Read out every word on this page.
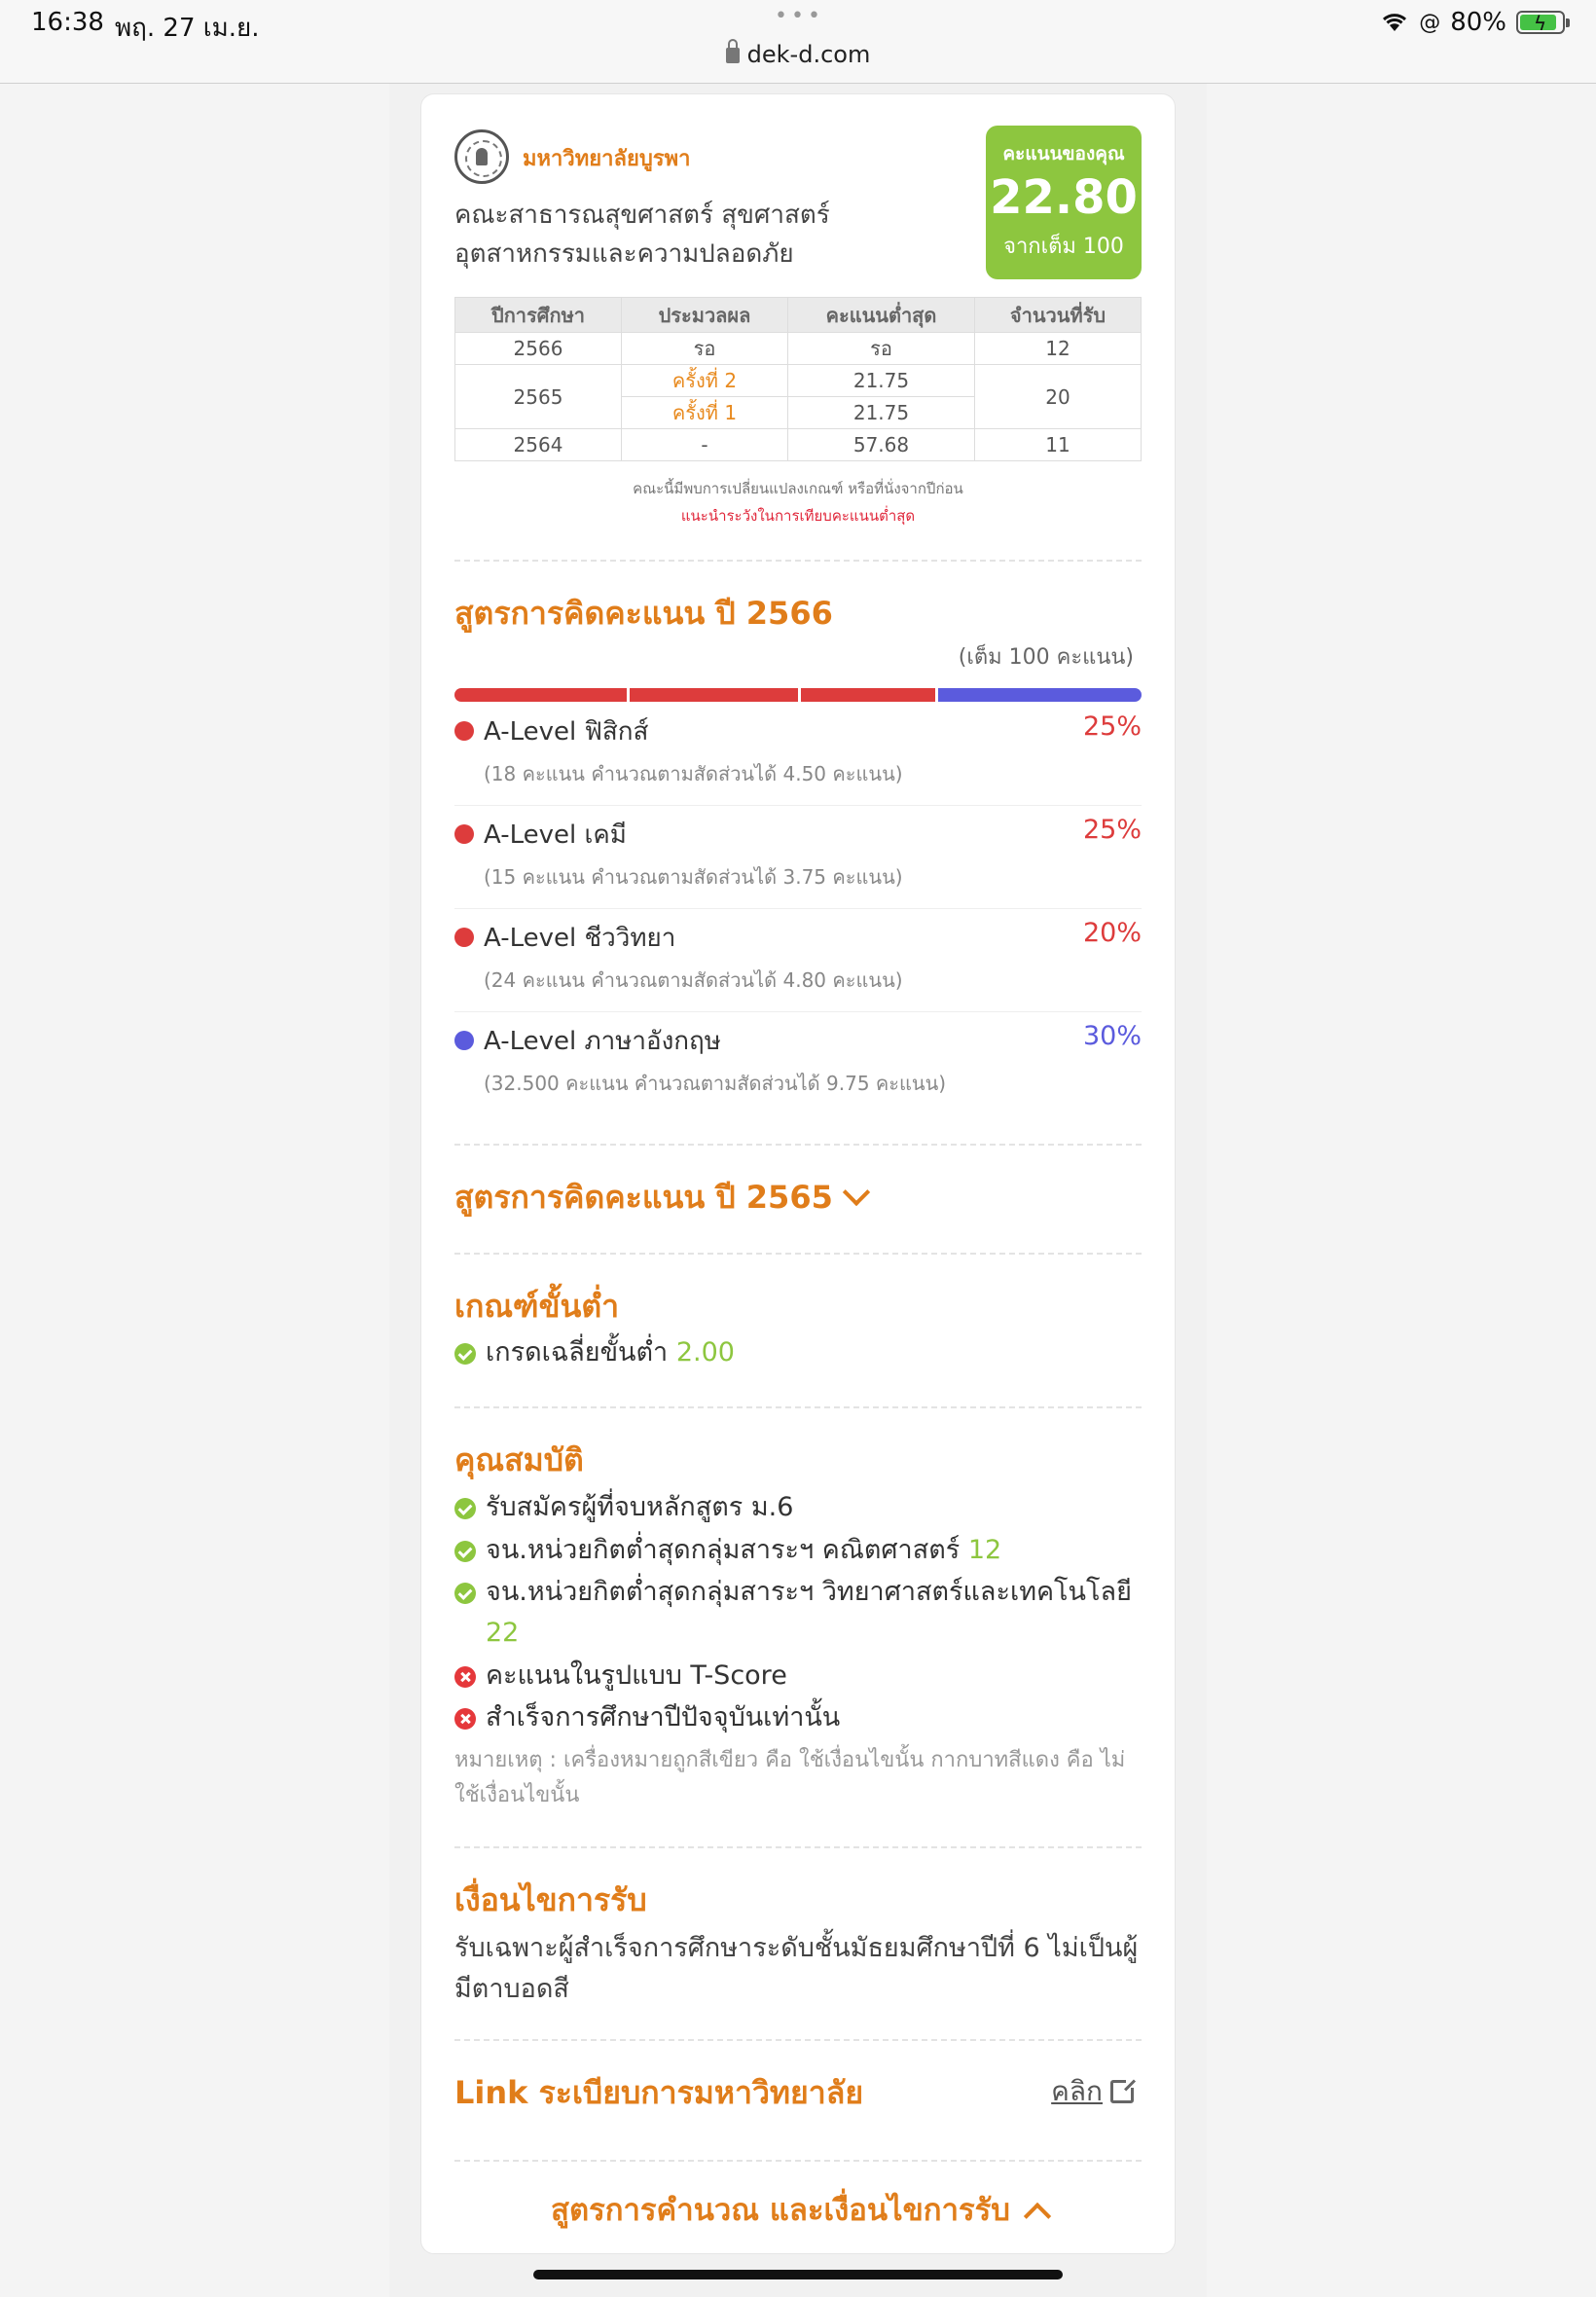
16:38 พฤ. 27 เม.ย.	•••	@ 80% ϟ
dek-d.com
มหาวิทยาลัยบูรพา
คณะสาธารณสุขศาสตร์ สุขศาสตร์อุตสาหกรรมและความปลอดภัย
คะแนนของคุณ
22.80
จากเต็ม 100
ปีการศึกษา	ประมวลผล	คะแนนต่ำสุด	จำนวนที่รับ
2566	รอ	รอ	12
2565	ครั้งที่ 2	21.75	20
	ครั้งที่ 1	21.75	
2564	-	57.68	11
คณะนี้มีพบการเปลี่ยนแปลงเกณฑ์ หรือที่นั่งจากปีก่อน
แนะนำระวังในการเทียบคะแนนต่ำสุด
สูตรการคิดคะแนน ปี 2566
(เต็ม 100 คะแนน)
A-Level ฟิสิกส์	25%
(18 คะแนน คำนวณตามสัดส่วนได้ 4.50 คะแนน)
A-Level เคมี	25%
(15 คะแนน คำนวณตามสัดส่วนได้ 3.75 คะแนน)
A-Level ชีววิทยา	20%
(24 คะแนน คำนวณตามสัดส่วนได้ 4.80 คะแนน)
A-Level ภาษาอังกฤษ	30%
(32.500 คะแนน คำนวณตามสัดส่วนได้ 9.75 คะแนน)
สูตรการคิดคะแนน ปี 2565
เกณฑ์ขั้นต่ำ
เกรดเฉลี่ยขั้นต่ำ 2.00
คุณสมบัติ
รับสมัครผู้ที่จบหลักสูตร ม.6
จน.หน่วยกิตต่ำสุดกลุ่มสาระฯ คณิตศาสตร์ 12
จน.หน่วยกิตต่ำสุดกลุ่มสาระฯ วิทยาศาสตร์และเทคโนโลยี 22
คะแนนในรูปแบบ T-Score
สำเร็จการศึกษาปีปัจจุบันเท่านั้น
หมายเหตุ : เครื่องหมายถูกสีเขียว คือ ใช้เงื่อนไขนั้น กากบาทสีแดง คือ ไม่ใช้เงื่อนไขนั้น
เงื่อนไขการรับ
รับเฉพาะผู้สำเร็จการศึกษาระดับชั้นมัธยมศึกษาปีที่ 6 ไม่เป็นผู้มีตาบอดสี
Link ระเบียบการมหาวิทยาลัย	คลิก
สูตรการคำนวณ และเงื่อนไขการรับ
